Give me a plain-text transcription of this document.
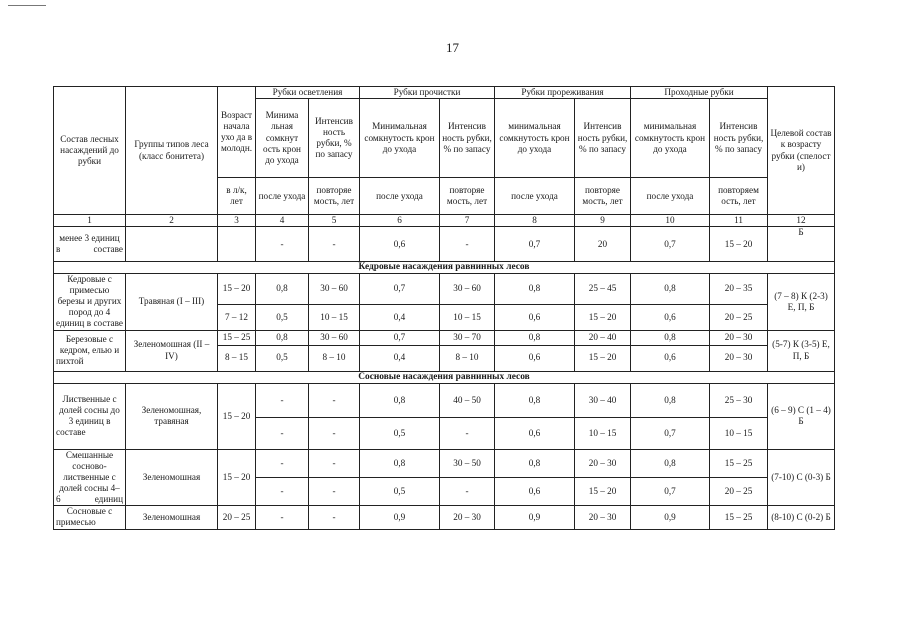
17
Состав лесных насаждений до рубки	Группы типов леса (класс бонитета)	Возраст начала ухо да в молодн.	Рубки осветления		Рубки прочистки		Рубки прореживания		Проходные рубки		Целевой состав к возрасту рубки (спелост и)
			Минима льная сомкнут ость крон до ухода	Интенсив ность рубки, % по запасу	Минимальная сомкнутость крон до ухода	Интенсив ность рубки, % по запасу	минимальная сомкнутость крон до ухода	Интенсив ность рубки, % по запасу	минимальная сомкнутость крон до ухода	Интенсив ность рубки, % по запасу	
		в л/к, лет	после ухода	повторяе мость, лет	после ухода	повторяе мость, лет	после ухода	повторяе мость, лет	после ухода	повторяем ость, лет	
1	2	3	4	5	6	7	8	9	10	11	12
менее 3 единиц в составе			-	-	0,6	-	0,7	20	0,7	15 – 20	Б
Кедровые насаждения равнинных лесов											
Кедровые с примесью березы и других пород до 4 единиц в составе	Травяная (I – III)	15 – 20	0,8	30 – 60	0,7	30 – 60	0,8	25 – 45	0,8	20 – 35	(7 – 8) К (2-3) Е, П, Б
		7 – 12	0,5	10 – 15	0,4	10 – 15	0,6	15 – 20	0,6	20 – 25	
Березовые с кедром, елью и пихтой	Зеленомошная (II – IV)	15 – 25	0,8	30 – 60	0,7	30 – 70	0,8	20 – 40	0,8	20 – 30	(5-7) К (3-5) Е, П, Б
		8 – 15	0,5	8 – 10	0,4	8 – 10	0,6	15 – 20	0,6	20 – 30	
Сосновые насаждения равнинных лесов											
Лиственные с долей сосны до 3 единиц в составе	Зеленомошная, травяная	15 – 20	-	-	0,8	40 – 50	0,8	30 – 40	0,8	25 – 30	(6 – 9) С (1 – 4) Б
			-	-	0,5	-	0,6	10 – 15	0,7	10 – 15	
Смешанные сосново-лиственные с долей сосны 4– 6 единиц	Зеленомошная	15 – 20	-	-	0,8	30 – 50	0,8	20 – 30	0,8	15 – 25	(7-10) С (0-3) Б
			-	-	0,5	-	0,6	15 – 20	0,7	20 – 25	
Сосновые с примесью	Зеленомошная	20 – 25	-	-	0,9	20 – 30	0,9	20 – 30	0,9	15 – 25	(8-10) С (0-2) Б
